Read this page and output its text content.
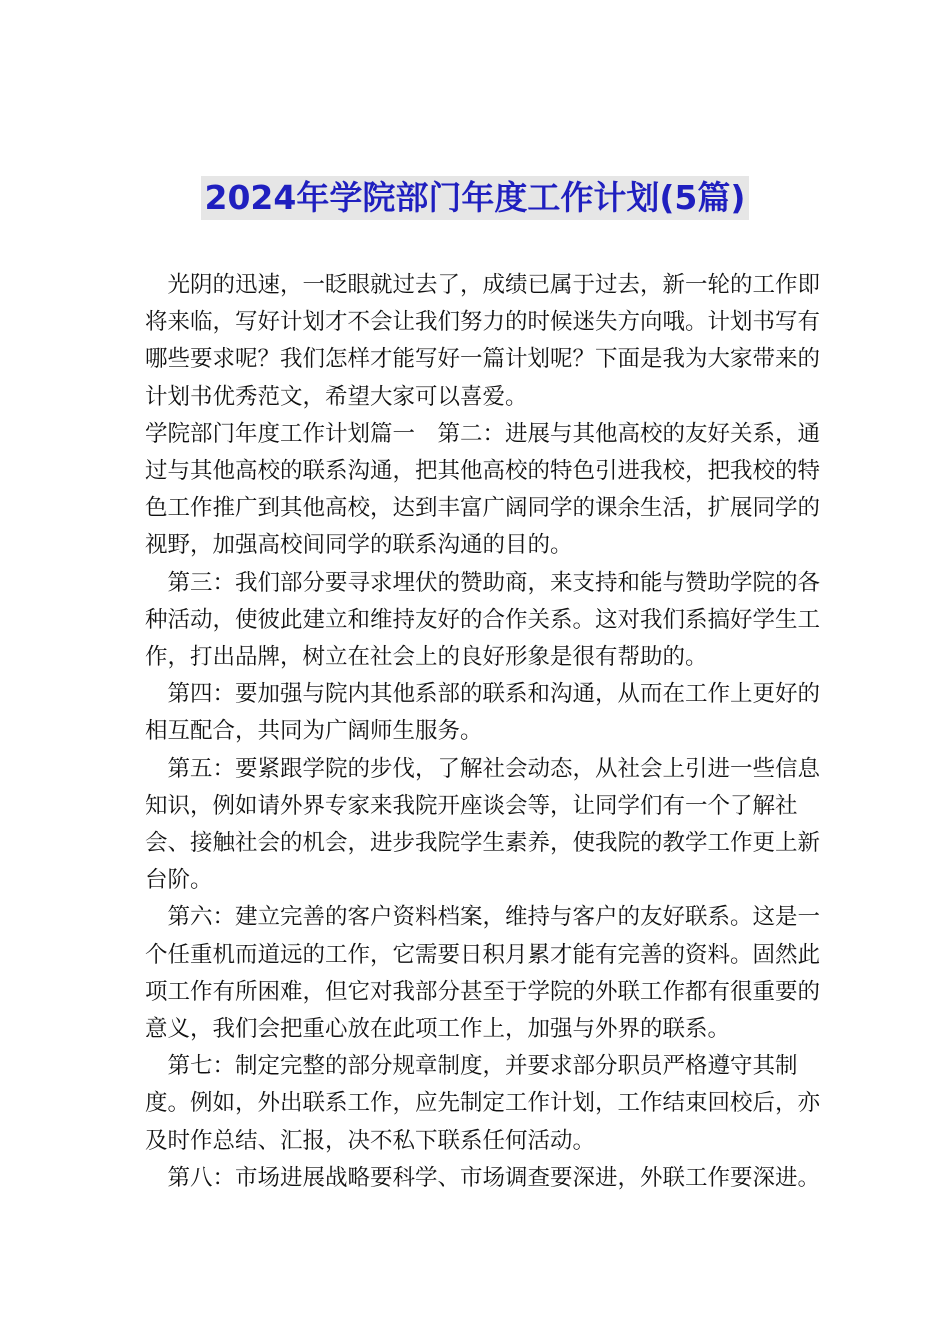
2024年学院部门年度工作计划(5篇)

光阴的迅速，一眨眼就过去了，成绩已属于过去，新一轮的工作即将来临，写好计划才不会让我们努力的时候迷失方向哦。计划书写有哪些要求呢？我们怎样才能写好一篇计划呢？下面是我为大家带来的计划书优秀范文，希望大家可以喜爱。

学院部门年度工作计划篇一　第二：进展与其他高校的友好关系，通过与其他高校的联系沟通，把其他高校的特色引进我校，把我校的特色工作推广到其他高校，达到丰富广阔同学的课余生活，扩展同学的视野，加强高校间同学的联系沟通的目的。

第三：我们部分要寻求埋伏的赞助商，来支持和能与赞助学院的各种活动，使彼此建立和维持友好的合作关系。这对我们系搞好学生工作，打出品牌，树立在社会上的良好形象是很有帮助的。

第四：要加强与院内其他系部的联系和沟通，从而在工作上更好的相互配合，共同为广阔师生服务。

第五：要紧跟学院的步伐，了解社会动态，从社会上引进一些信息知识，例如请外界专家来我院开座谈会等，让同学们有一个了解社会、接触社会的机会，进步我院学生素养，使我院的教学工作更上新台阶。

第六：建立完善的客户资料档案，维持与客户的友好联系。这是一个任重机而道远的工作，它需要日积月累才能有完善的资料。固然此项工作有所困难，但它对我部分甚至于学院的外联工作都有很重要的意义，我们会把重心放在此项工作上，加强与外界的联系。

第七：制定完整的部分规章制度，并要求部分职员严格遵守其制度。例如，外出联系工作，应先制定工作计划，工作结束回校后，亦及时作总结、汇报，决不私下联系任何活动。

第八：市场进展战略要科学、市场调查要深进，外联工作要深进。
